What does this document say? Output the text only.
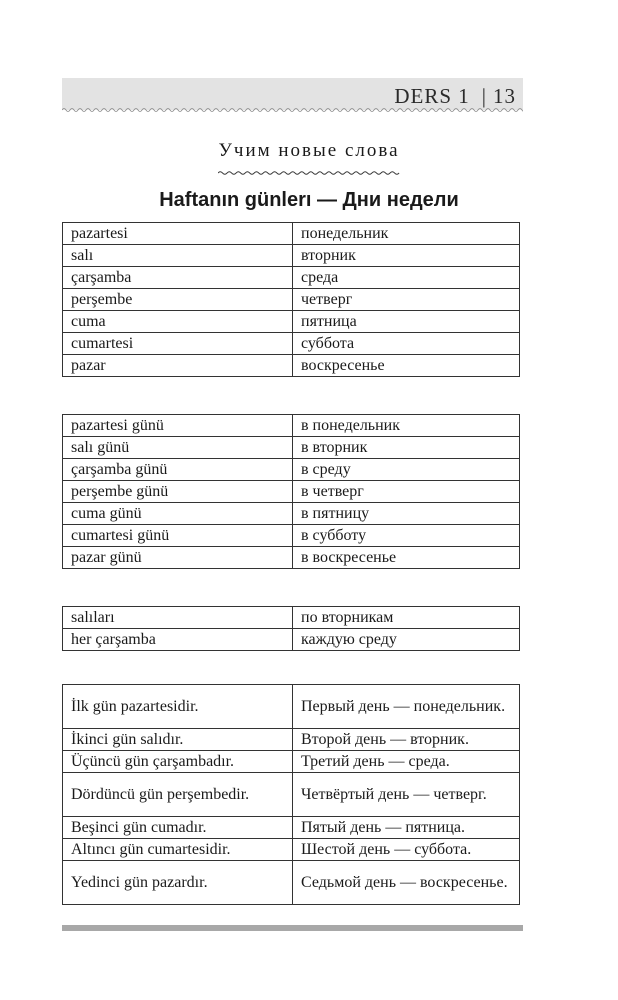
DERS 1 | 13
Учим новые слова
Haftanın günlerı — Дни недели
pazartesi	понедельник
salı	вторник
çarşamba	среда
perşembe	четверг
cuma	пятница
cumartesi	суббота
pazar	воскресенье
pazartesi günü	в понедельник
salı günü	в вторник
çarşamba günü	в среду
perşembe günü	в четверг
cuma günü	в пятницу
cumartesi günü	в субботу
pazar günü	в воскресенье
salıları	по вторникам
her çarşamba	каждую среду
İlk gün pazartesidir.	Первый день — понедельник.
İkinci gün salıdır.	Второй день — вторник.
Üçüncü gün çarşambadır.	Третий день — среда.
Dördüncü gün perşembedir.	Четвёртый день — четверг.
Beşinci gün cumadır.	Пятый день — пятница.
Altıncı gün cumartesidir.	Шестой день — суббота.
Yedinci gün pazardır.	Седьмой день — воскресенье.
